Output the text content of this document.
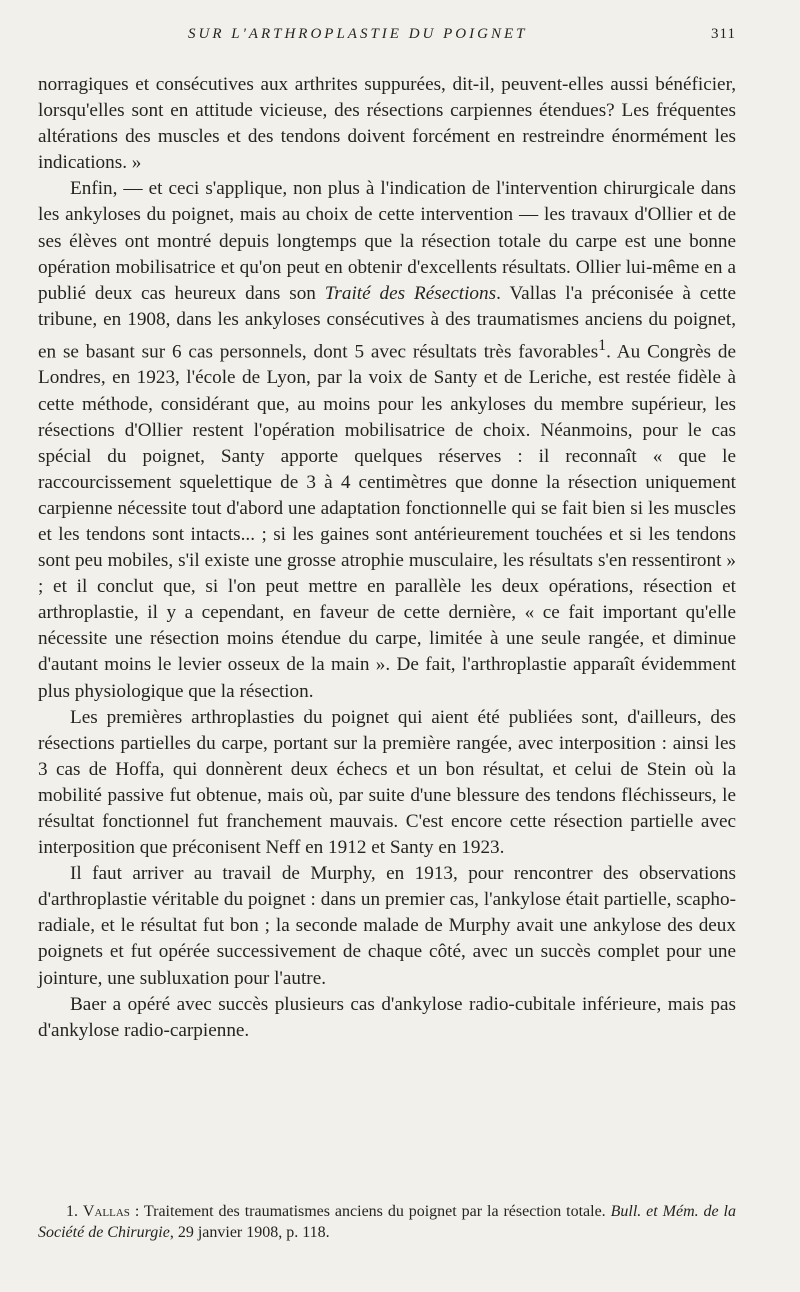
SUR L'ARTHROPLASTIE DU POIGNET	311

norragiques et consécutives aux arthrites suppurées, dit-il, peuvent-elles aussi bénéficier, lorsqu'elles sont en attitude vicieuse, des résections carpiennes étendues? Les fréquentes altérations des muscles et des tendons doivent forcément en restreindre énormément les indications. »

Enfin, — et ceci s'applique, non plus à l'indication de l'intervention chirurgicale dans les ankyloses du poignet, mais au choix de cette intervention — les travaux d'Ollier et de ses élèves ont montré depuis longtemps que la résection totale du carpe est une bonne opération mobilisatrice et qu'on peut en obtenir d'excellents résultats. Ollier lui-même en a publié deux cas heureux dans son Traité des Résections. Vallas l'a préconisée à cette tribune, en 1908, dans les ankyloses consécutives à des traumatismes anciens du poignet, en se basant sur 6 cas personnels, dont 5 avec résultats très favorables$^1$. Au Congrès de Londres, en 1923, l'école de Lyon, par la voix de Santy et de Leriche, est restée fidèle à cette méthode, considérant que, au moins pour les ankyloses du membre supérieur, les résections d'Ollier restent l'opération mobilisatrice de choix. Néanmoins, pour le cas spécial du poignet, Santy apporte quelques réserves : il reconnaît « que le raccourcissement squelettique de 3 à 4 centimètres que donne la résection uniquement carpienne nécessite tout d'abord une adaptation fonctionnelle qui se fait bien si les muscles et les tendons sont intacts... ; si les gaines sont antérieurement touchées et si les tendons sont peu mobiles, s'il existe une grosse atrophie musculaire, les résultats s'en ressentiront » ; et il conclut que, si l'on peut mettre en parallèle les deux opérations, résection et arthroplastie, il y a cependant, en faveur de cette dernière, « ce fait important qu'elle nécessite une résection moins étendue du carpe, limitée à une seule rangée, et diminue d'autant moins le levier osseux de la main ». De fait, l'arthroplastie apparaît évidemment plus physiologique que la résection.

Les premières arthroplasties du poignet qui aient été publiées sont, d'ailleurs, des résections partielles du carpe, portant sur la première rangée, avec interposition : ainsi les 3 cas de Hoffa, qui donnèrent deux échecs et un bon résultat, et celui de Stein où la mobilité passive fut obtenue, mais où, par suite d'une blessure des tendons fléchisseurs, le résultat fonctionnel fut franchement mauvais. C'est encore cette résection partielle avec interposition que préconisent Neff en 1912 et Santy en 1923.

Il faut arriver au travail de Murphy, en 1913, pour rencontrer des observations d'arthroplastie véritable du poignet : dans un premier cas, l'ankylose était partielle, scapho-radiale, et le résultat fut bon ; la seconde malade de Murphy avait une ankylose des deux poignets et fut opérée successivement de chaque côté, avec un succès complet pour une jointure, une subluxation pour l'autre.

Baer a opéré avec succès plusieurs cas d'ankylose radio-cubitale inférieure, mais pas d'ankylose radio-carpienne.

1. Vallas : Traitement des traumatismes anciens du poignet par la résection totale. Bull. et Mém. de la Société de Chirurgie, 29 janvier 1908, p. 118.
